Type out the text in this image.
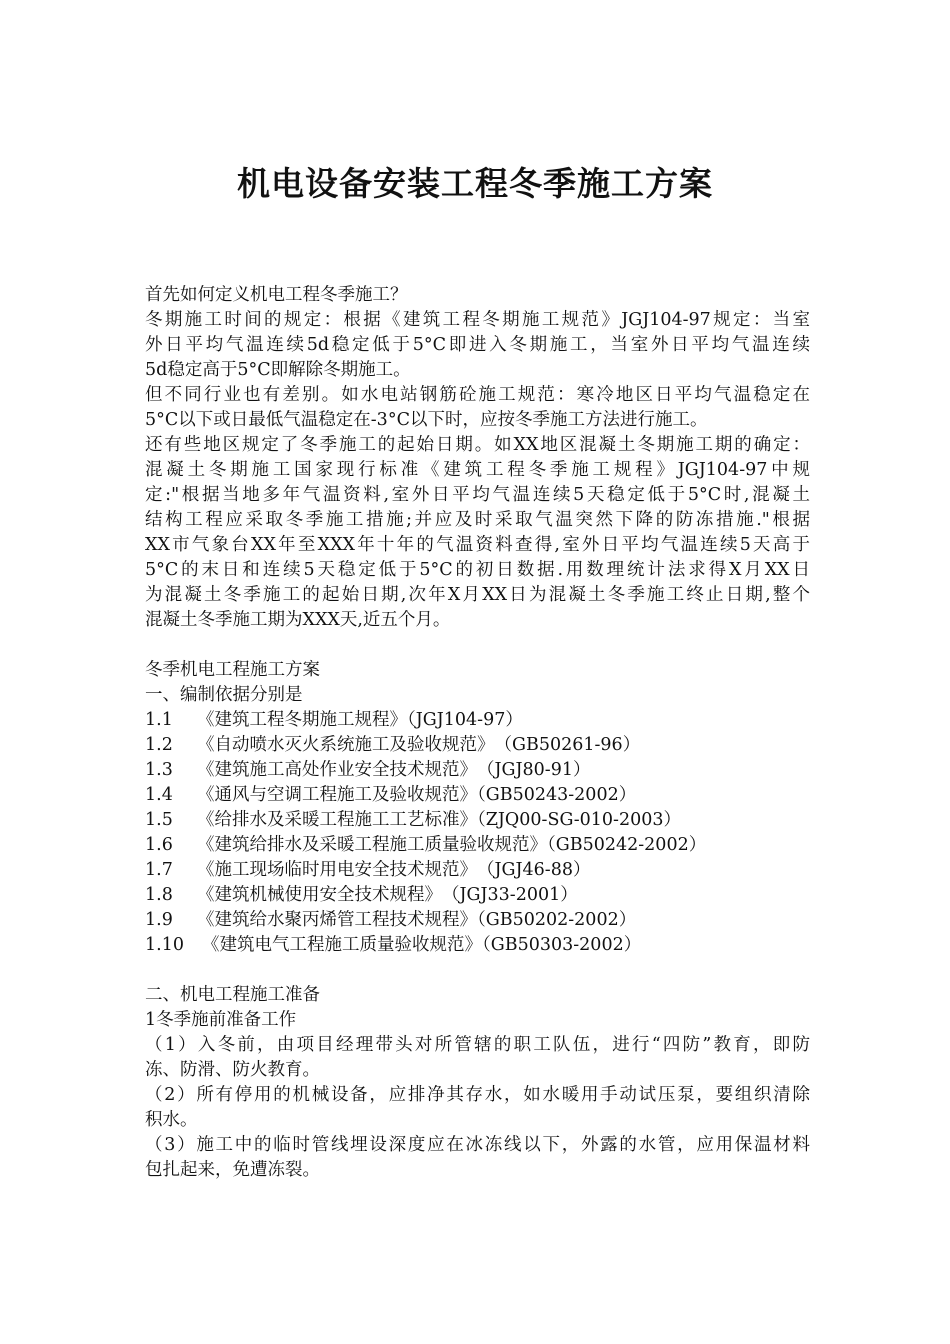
机电设备安装工程冬季施工方案
首先如何定义机电工程冬季施工？
冬期施工时间的规定：根据《建筑工程冬期施工规范》JGJ104-97规定：当室
外日平均气温连续5d稳定低于5°C即进入冬期施工，当室外日平均气温连续
5d稳定高于5°C即解除冬期施工。
但不同行业也有差别。如水电站钢筋砼施工规范：寒冷地区日平均气温稳定在
5°C以下或日最低气温稳定在-3°C以下时，应按冬季施工方法进行施工。
还有些地区规定了冬季施工的起始日期。如XX地区混凝土冬期施工期的确定：
混凝土冬期施工国家现行标准《建筑工程冬季施工规程》JGJ104-97中规
定:"根据当地多年气温资料,室外日平均气温连续5天稳定低于5°C时,混凝土
结构工程应采取冬季施工措施;并应及时采取气温突然下降的防冻措施."根据
XX市气象台XX年至XXX年十年的气温资料查得,室外日平均气温连续5天高于
5°C的末日和连续5天稳定低于5°C的初日数据.用数理统计法求得X月XX日
为混凝土冬季施工的起始日期,次年X月XX日为混凝土冬季施工终止日期,整个
混凝土冬季施工期为XXX天,近五个月。
冬季机电工程施工方案
一、编制依据分别是
1.1 《建筑工程冬期施工规程》（JGJ104-97）
1.2 《自动喷水灭火系统施工及验收规范》　（GB50261-96）
1.3 《建筑施工高处作业安全技术规范》　（JGJ80-91）
1.4 《通风与空调工程施工及验收规范》（GB50243-2002）
1.5 《给排水及采暖工程施工工艺标准》（ZJQ00-SG-010-2003）
1.6 《建筑给排水及采暖工程施工质量验收规范》（GB50242-2002）
1.7 《施工现场临时用电安全技术规范》　（JGJ46-88）
1.8 《建筑机械使用安全技术规程》　（JGJ33-2001）
1.9 《建筑给水聚丙烯管工程技术规程》（GB50202-2002）
1.10 《建筑电气工程施工质量验收规范》（GB50303-2002）
二、机电工程施工准备
1冬季施前准备工作
（1）入冬前，由项目经理带头对所管辖的职工队伍，进行“四防”教育，即防
冻、防滑、防火教育。
（2）所有停用的机械设备，应排净其存水，如水暖用手动试压泵，要组织清除
积水。
（3）施工中的临时管线埋设深度应在冰冻线以下，外露的水管，应用保温材料
包扎起来，免遭冻裂。
